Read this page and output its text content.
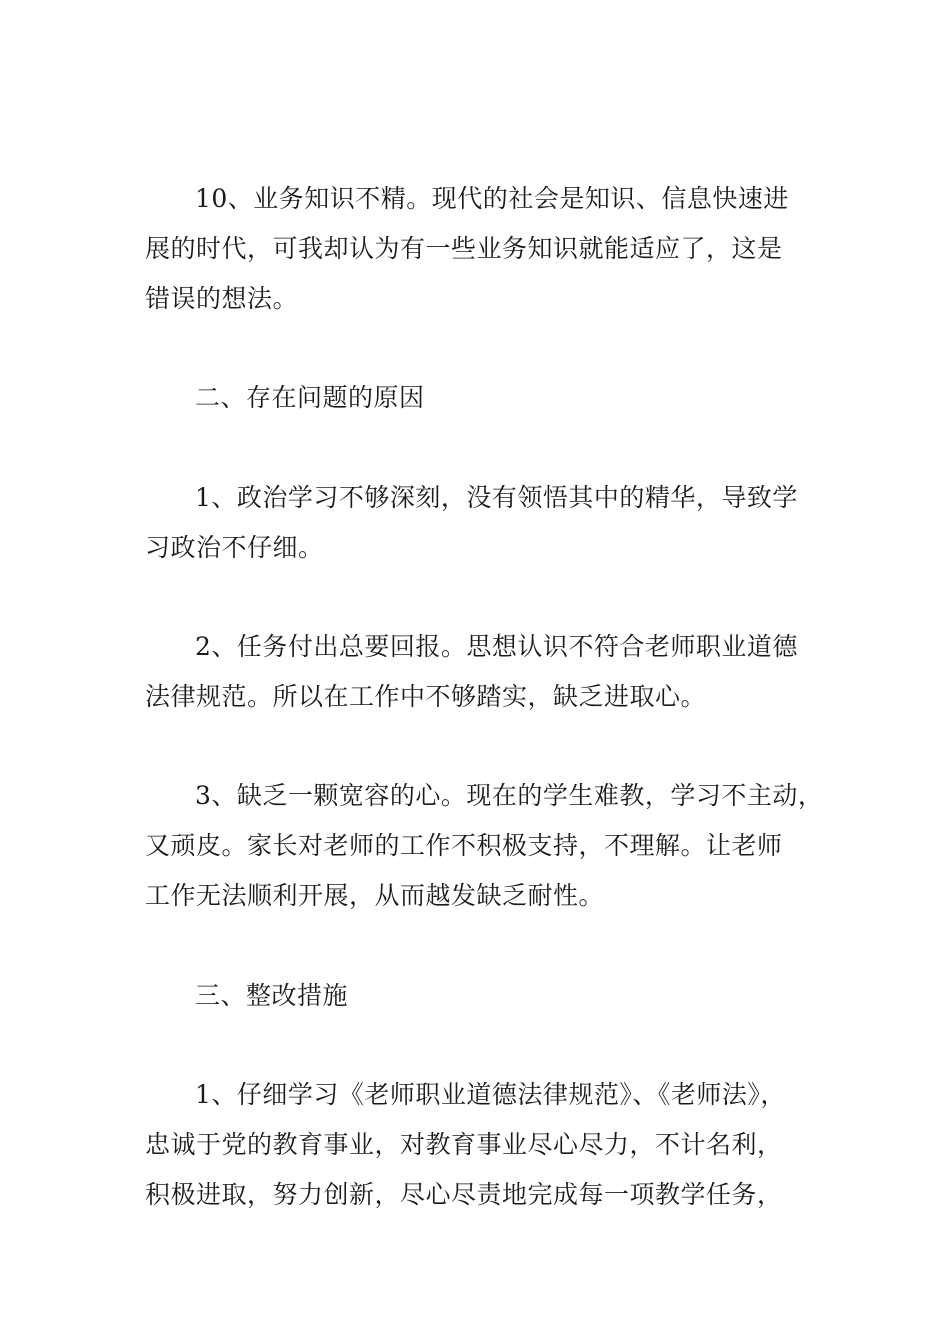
10、业务知识不精。现代的社会是知识、信息快速进
展的时代，可我却认为有一些业务知识就能适应了，这是
错误的想法。
二、存在问题的原因
1、政治学习不够深刻，没有领悟其中的精华，导致学
习政治不仔细。
2、任务付出总要回报。思想认识不符合老师职业道德
法律规范。所以在工作中不够踏实，缺乏进取心。
3、缺乏一颗宽容的心。现在的学生难教，学习不主动，
又顽皮。家长对老师的工作不积极支持，不理解。让老师
工作无法顺利开展，从而越发缺乏耐性。
三、整改措施
1、仔细学习《老师职业道德法律规范》、《老师法》，
忠诚于党的教育事业，对教育事业尽心尽力，不计名利，
积极进取，努力创新，尽心尽责地完成每一项教学任务，
